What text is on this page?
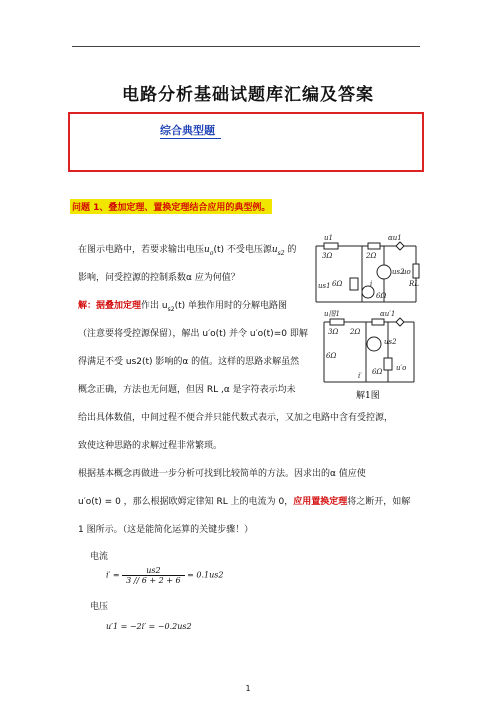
电路分析基础试题库汇编及答案
综合典型题
问题 1、叠加定理、置换定理结合应用的典型例。
在图示电路中，若要求输出电压$u_o(t)$ 不受电压源$u_{s2}$ 的
影响，问受控源的控制系数α 应为何值？
解：据叠加定理作出 $u_{s2}(t)$ 单独作用时的分解电路图
（注意要将受控源保留），解出 u′o(t) 并令 u′o(t)=0 即解
得满足不受 us2(t) 影响的α 的值。这样的思路求解虽然
概念正确，方法也无问题，但因 RL ,α 是字符表示均未
给出具体数值，中间过程不便合并只能代数式表示，又加之电路中含有受控源，
致使这种思路的求解过程非常繁琐。
根据基本概念再做进一步分析可找到比较简单的方法。因求出的α 值应使
u′o(t) = 0 ，那么根据欧姆定律知 RL 上的电流为 0，应用置换定理将之断开，如解
1 图所示。（这是能简化运算的关键步骤！）
电流
$i' = \frac{us2}{3 // 6 + 2 + 6} = 0.1us2$
电压
u′1 = −2i′ = −0.2us2
u1	αu1
3Ω	2Ω
us1 6Ω
us2
i
6Ω
uo
RL
u图1	αu′1
3Ω 2Ω
6Ω
us2
u′o
i′ 6Ω
解1图
1
